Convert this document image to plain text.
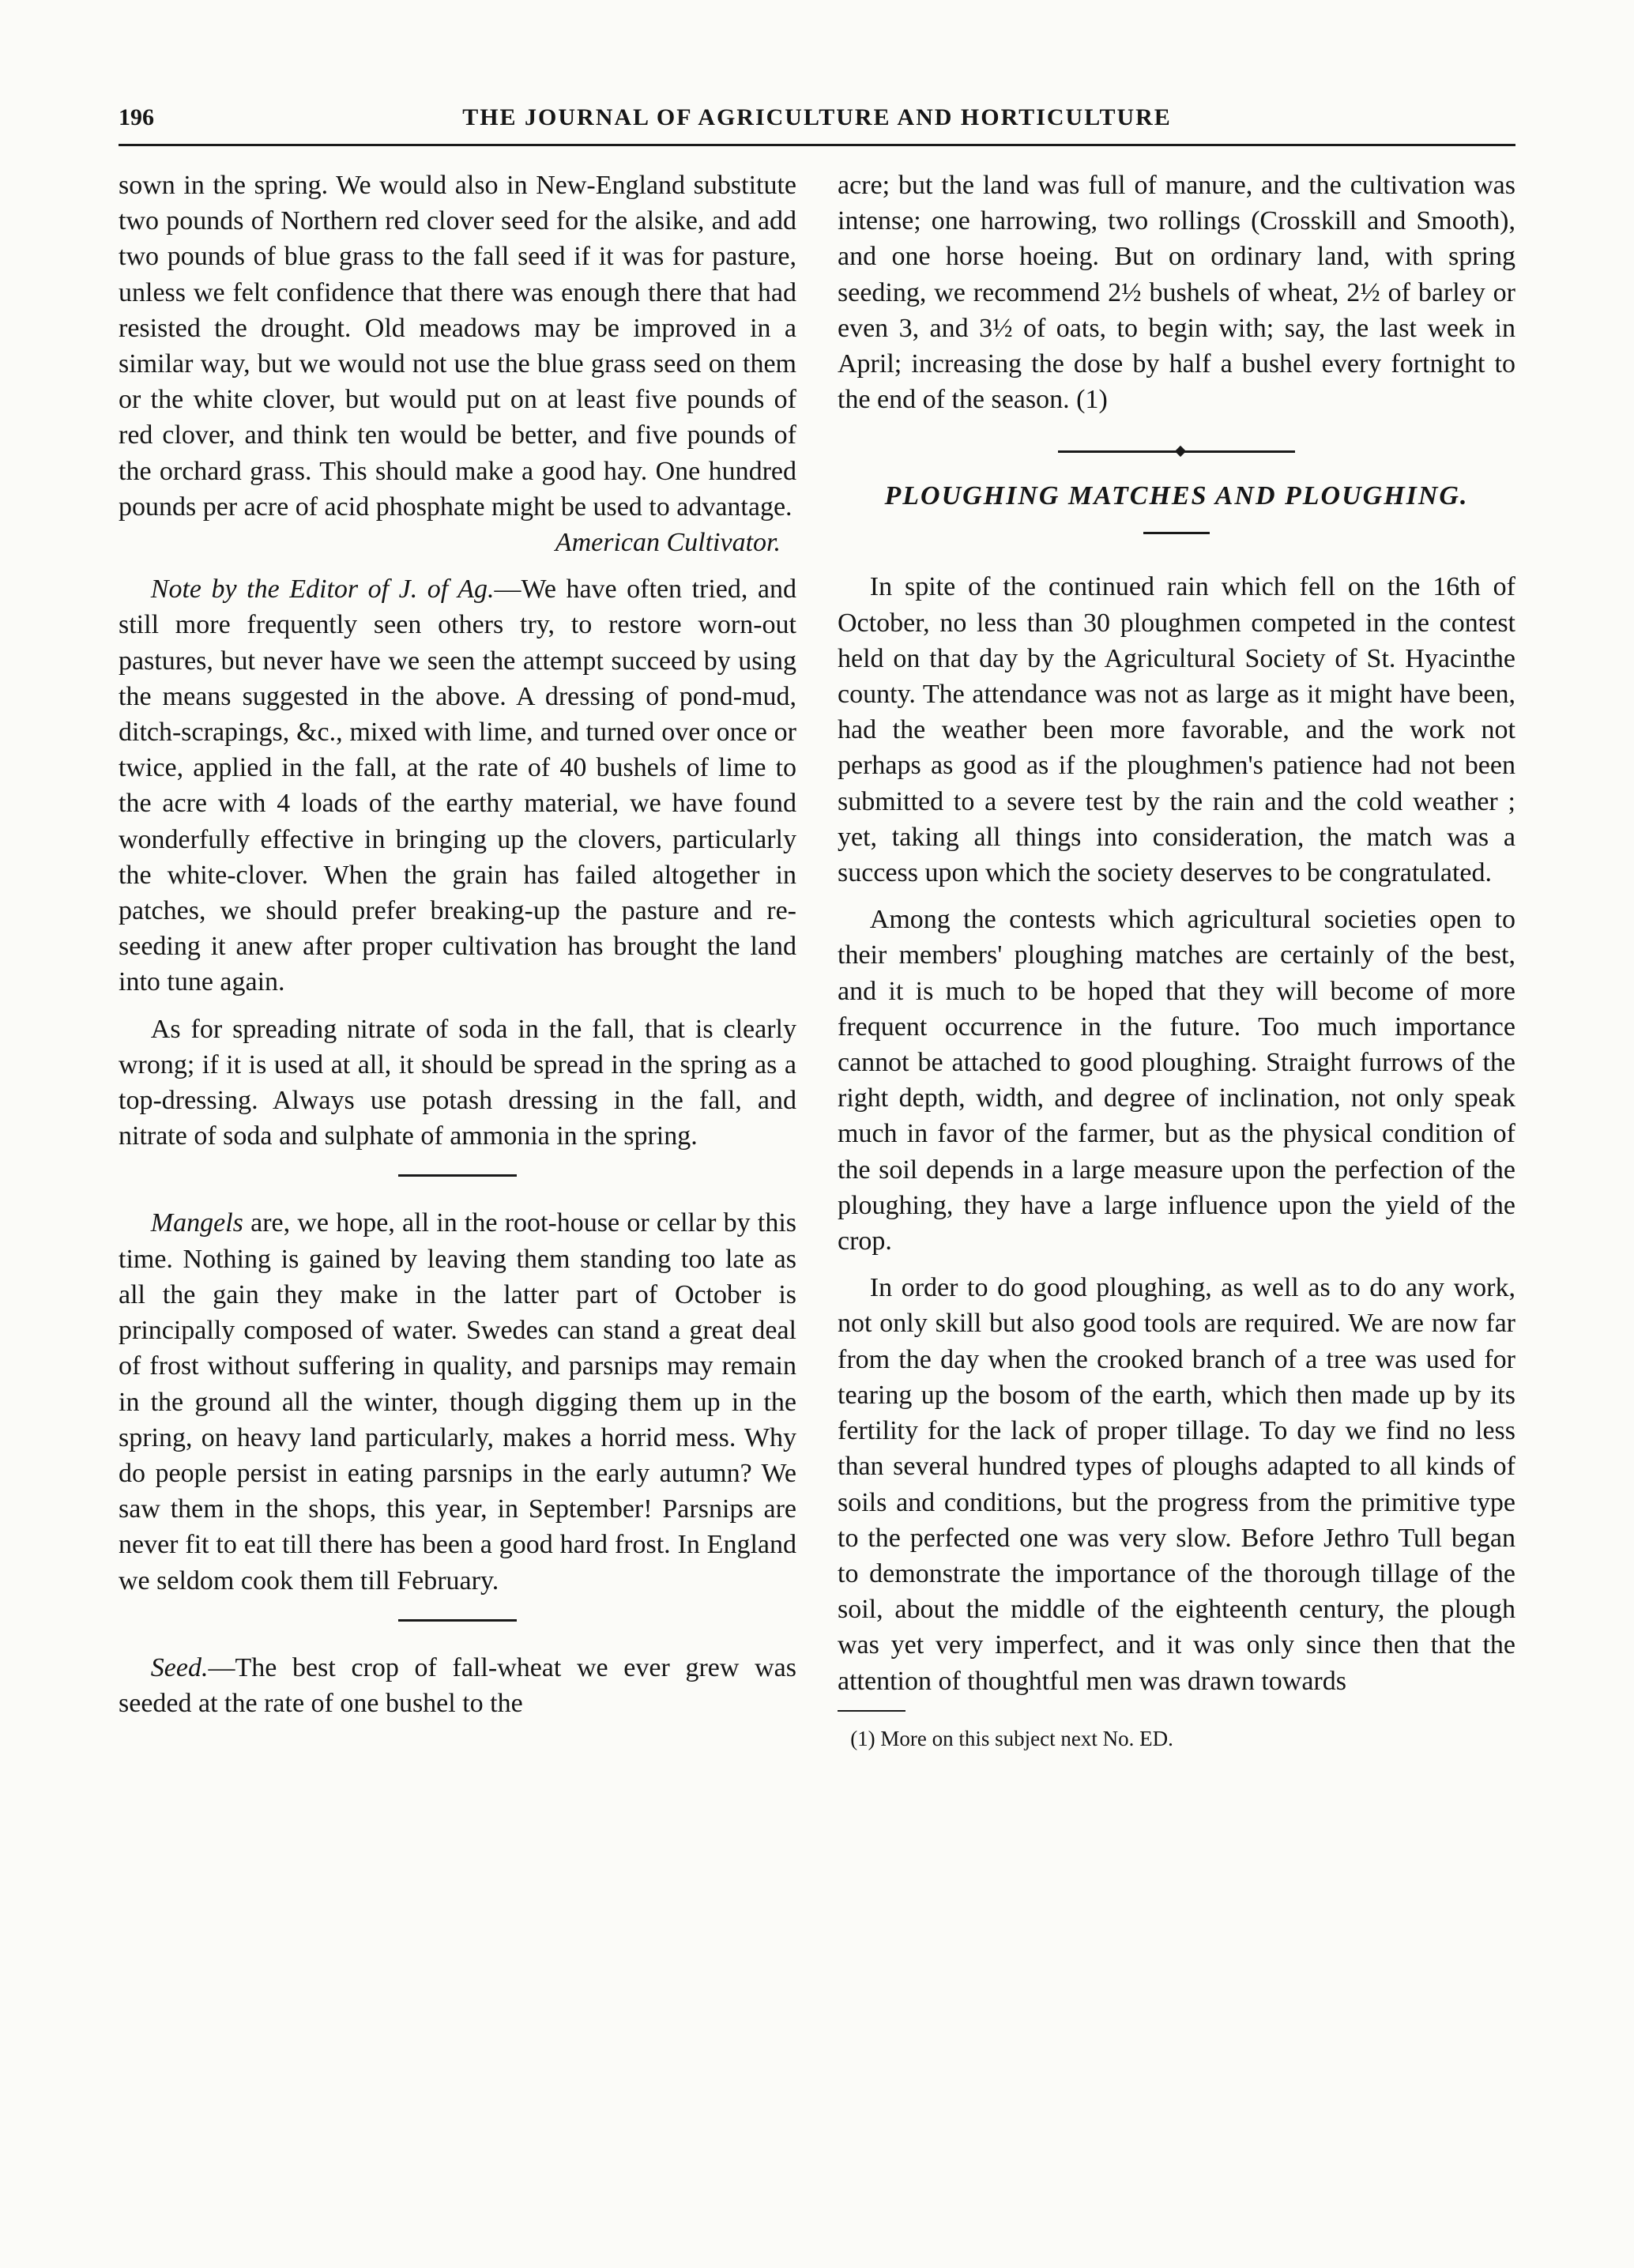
196	THE JOURNAL OF AGRICULTURE AND HORTICULTURE

sown in the spring. We would also in New-England substitute two pounds of Northern red clover seed for the alsike, and add two pounds of blue grass to the fall seed if it was for pasture, unless we felt confidence that there was enough there that had resisted the drought. Old meadows may be improved in a similar way, but we would not use the blue grass seed on them or the white clover, but would put on at least five pounds of red clover, and think ten would be better, and five pounds of the orchard grass. This should make a good hay. One hundred pounds per acre of acid phosphate might be used to advantage.

American Cultivator.

Note by the Editor of J. of Ag.—We have often tried, and still more frequently seen others try, to restore worn-out pastures, but never have we seen the attempt succeed by using the means suggested in the above. A dressing of pond-mud, ditch-scrapings, &c., mixed with lime, and turned over once or twice, applied in the fall, at the rate of 40 bushels of lime to the acre with 4 loads of the earthy material, we have found wonderfully effective in bringing up the clovers, particularly the white-clover. When the grain has failed altogether in patches, we should prefer breaking-up the pasture and re-seeding it anew after proper cultivation has brought the land into tune again.

As for spreading nitrate of soda in the fall, that is clearly wrong; if it is used at all, it should be spread in the spring as a top-dressing. Always use potash dressing in the fall, and nitrate of soda and sulphate of ammonia in the spring.

Mangels are, we hope, all in the root-house or cellar by this time. Nothing is gained by leaving them standing too late as all the gain they make in the latter part of October is principally composed of water. Swedes can stand a great deal of frost without suffering in quality, and parsnips may remain in the ground all the winter, though digging them up in the spring, on heavy land particularly, makes a horrid mess. Why do people persist in eating parsnips in the early autumn? We saw them in the shops, this year, in September! Parsnips are never fit to eat till there has been a good hard frost. In England we seldom cook them till February.

Seed.—The best crop of fall-wheat we ever grew was seeded at the rate of one bushel to the

acre; but the land was full of manure, and the cultivation was intense; one harrowing, two rollings (Crosskill and Smooth), and one horse hoeing. But on ordinary land, with spring seeding, we recommend 2½ bushels of wheat, 2½ of barley or even 3, and 3½ of oats, to begin with; say, the last week in April; increasing the dose by half a bushel every fortnight to the end of the season. (1)

PLOUGHING MATCHES AND PLOUGHING.

In spite of the continued rain which fell on the 16th of October, no less than 30 ploughmen competed in the contest held on that day by the Agricultural Society of St. Hyacinthe county. The attendance was not as large as it might have been, had the weather been more favorable, and the work not perhaps as good as if the ploughmen's patience had not been submitted to a severe test by the rain and the cold weather ; yet, taking all things into consideration, the match was a success upon which the society deserves to be congratulated.

Among the contests which agricultural societies open to their members' ploughing matches are certainly of the best, and it is much to be hoped that they will become of more frequent occurrence in the future. Too much importance cannot be attached to good ploughing. Straight furrows of the right depth, width, and degree of inclination, not only speak much in favor of the farmer, but as the physical condition of the soil depends in a large measure upon the perfection of the ploughing, they have a large influence upon the yield of the crop.

In order to do good ploughing, as well as to do any work, not only skill but also good tools are required. We are now far from the day when the crooked branch of a tree was used for tearing up the bosom of the earth, which then made up by its fertility for the lack of proper tillage. To day we find no less than several hundred types of ploughs adapted to all kinds of soils and conditions, but the progress from the primitive type to the perfected one was very slow. Before Jethro Tull began to demonstrate the importance of the thorough tillage of the soil, about the middle of the eighteenth century, the plough was yet very imperfect, and it was only since then that the attention of thoughtful men was drawn towards

(1) More on this subject next No. ED.
